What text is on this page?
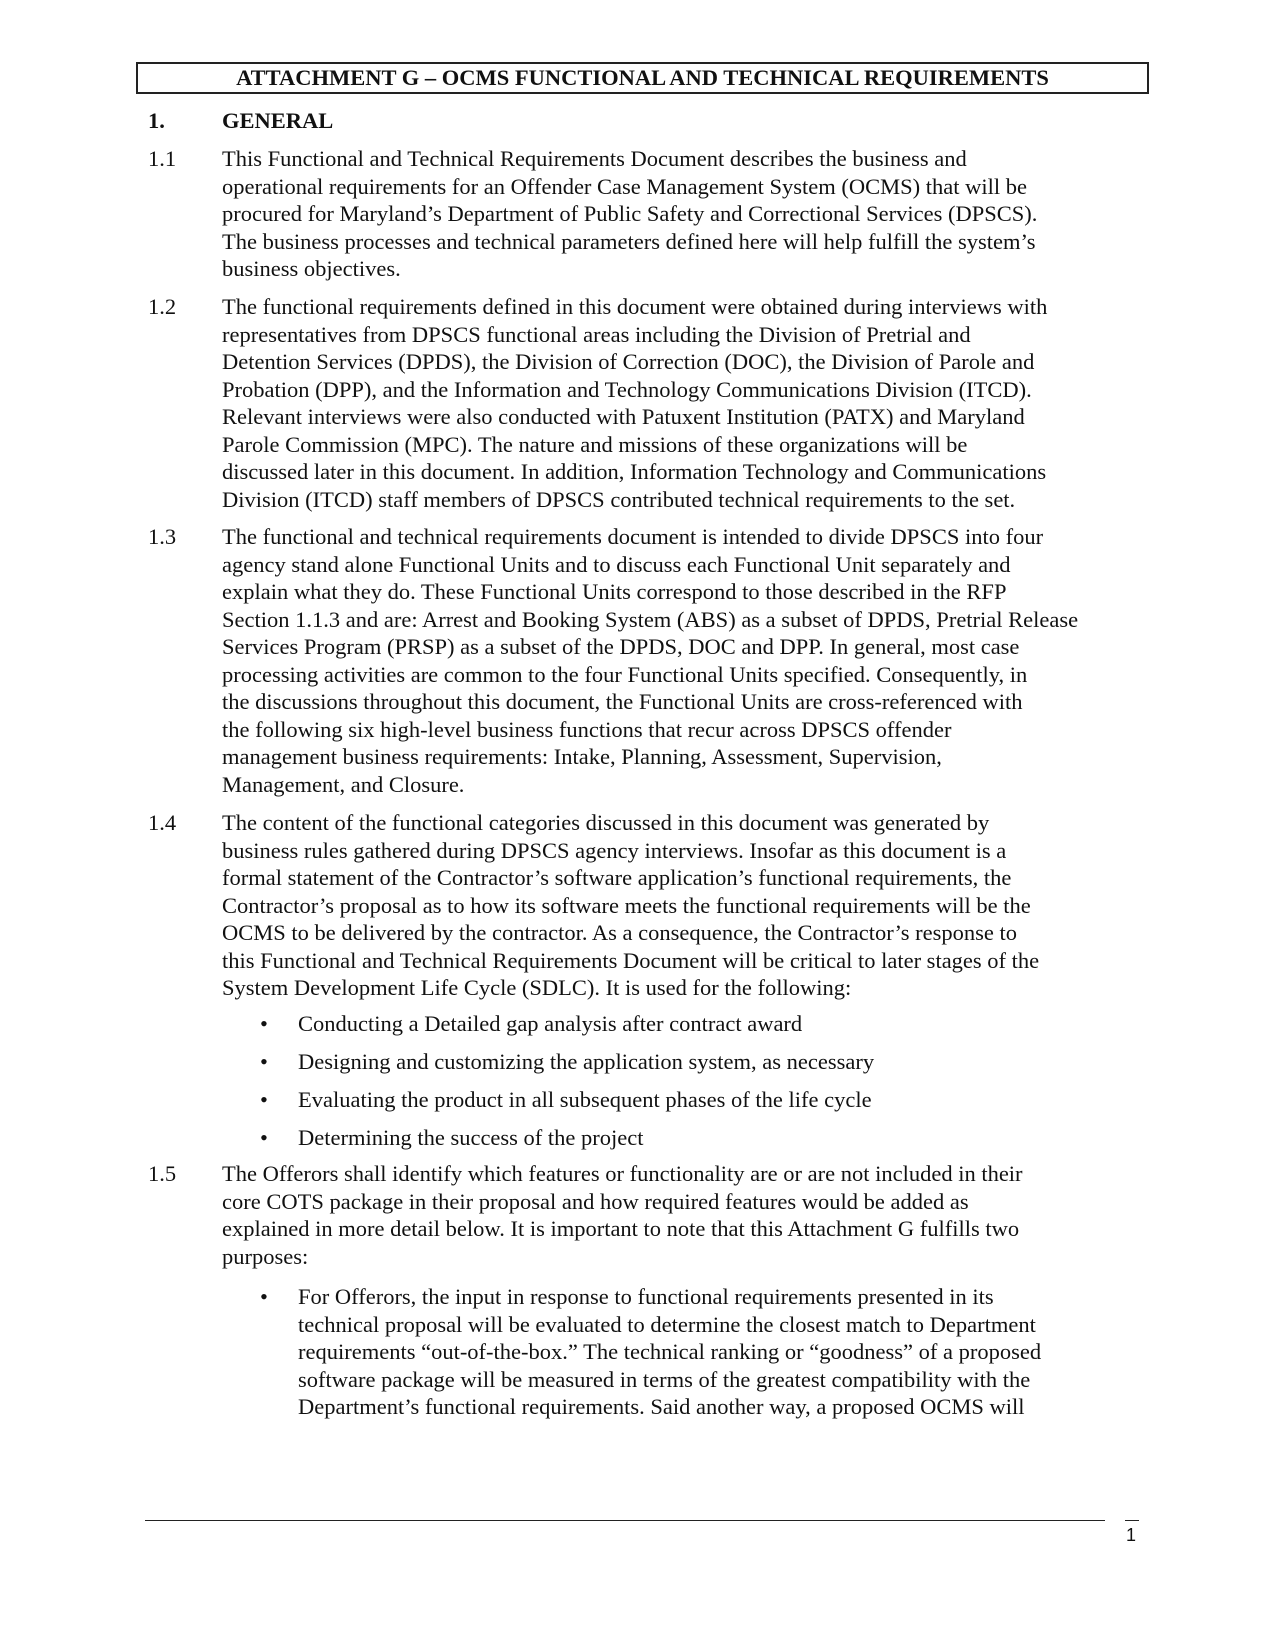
ATTACHMENT G – OCMS FUNCTIONAL AND TECHNICAL REQUIREMENTS
1.	GENERAL
1.1	This Functional and Technical Requirements Document describes the business and
operational requirements for an Offender Case Management System (OCMS) that will be
procured for Maryland’s Department of Public Safety and Correctional Services (DPSCS).
The business processes and technical parameters defined here will help fulfill the system’s
business objectives.
1.2	The functional requirements defined in this document were obtained during interviews with
representatives from DPSCS functional areas including the Division of Pretrial and
Detention Services (DPDS), the Division of Correction (DOC), the Division of Parole and
Probation (DPP), and the Information and Technology Communications Division (ITCD).
Relevant interviews were also conducted with Patuxent Institution (PATX) and Maryland
Parole Commission (MPC). The nature and missions of these organizations will be
discussed later in this document. In addition, Information Technology and Communications
Division (ITCD) staff members of DPSCS contributed technical requirements to the set.
1.3	The functional and technical requirements document is intended to divide DPSCS into four
agency stand alone Functional Units and to discuss each Functional Unit separately and
explain what they do. These Functional Units correspond to those described in the RFP
Section 1.1.3 and are: Arrest and Booking System (ABS) as a subset of DPDS, Pretrial Release
Services Program (PRSP) as a subset of the DPDS, DOC and DPP. In general, most case
processing activities are common to the four Functional Units specified. Consequently, in
the discussions throughout this document, the Functional Units are cross-referenced with
the following six high-level business functions that recur across DPSCS offender
management business requirements: Intake, Planning, Assessment, Supervision,
Management, and Closure.
1.4	The content of the functional categories discussed in this document was generated by
business rules gathered during DPSCS agency interviews. Insofar as this document is a
formal statement of the Contractor’s software application’s functional requirements, the
Contractor’s proposal as to how its software meets the functional requirements will be the
OCMS to be delivered by the contractor. As a consequence, the Contractor’s response to
this Functional and Technical Requirements Document will be critical to later stages of the
System Development Life Cycle (SDLC). It is used for the following:
•	Conducting a Detailed gap analysis after contract award
•	Designing and customizing the application system, as necessary
•	Evaluating the product in all subsequent phases of the life cycle
•	Determining the success of the project
1.5	The Offerors shall identify which features or functionality are or are not included in their
core COTS package in their proposal and how required features would be added as
explained in more detail below. It is important to note that this Attachment G fulfills two
purposes:
•	For Offerors, the input in response to functional requirements presented in its
technical proposal will be evaluated to determine the closest match to Department
requirements “out-of-the-box.” The technical ranking or “goodness” of a proposed
software package will be measured in terms of the greatest compatibility with the
Department’s functional requirements. Said another way, a proposed OCMS will
1
